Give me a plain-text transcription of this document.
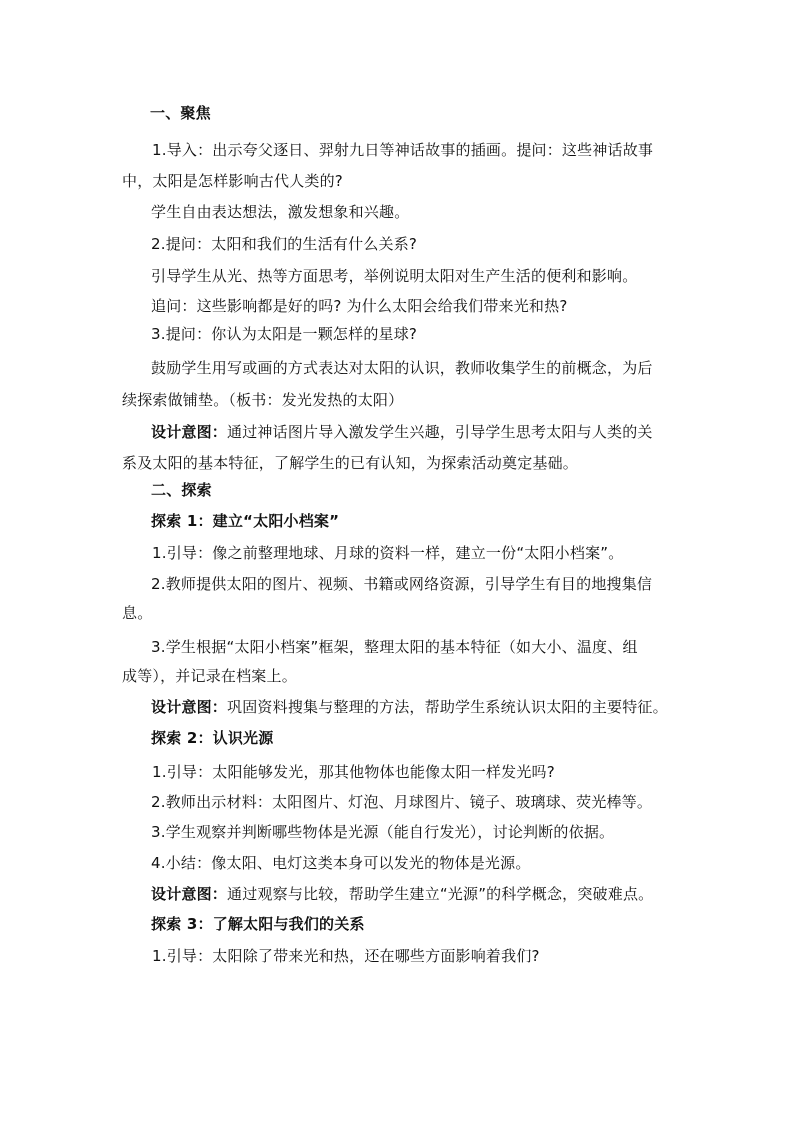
一、聚焦
1.导入：出示夸父逐日、羿射九日等神话故事的插画。提问：这些神话故事
中，太阳是怎样影响古代人类的?
学生自由表达想法，激发想象和兴趣。
2.提问：太阳和我们的生活有什么关系?
引导学生从光、热等方面思考，举例说明太阳对生产生活的便利和影响。
追问：这些影响都是好的吗? 为什么太阳会给我们带来光和热?
3.提问：你认为太阳是一颗怎样的星球?
鼓励学生用写或画的方式表达对太阳的认识，教师收集学生的前概念，为后
续探索做铺垫。（板书：发光发热的太阳）
设计意图：通过神话图片导入激发学生兴趣，引导学生思考太阳与人类的关
系及太阳的基本特征，了解学生的已有认知，为探索活动奠定基础。
二、探索
探索 1：建立“太阳小档案”
1.引导：像之前整理地球、月球的资料一样，建立一份“太阳小档案”。
2.教师提供太阳的图片、视频、书籍或网络资源，引导学生有目的地搜集信
息。
3.学生根据“太阳小档案”框架，整理太阳的基本特征（如大小、温度、组
成等），并记录在档案上。
设计意图：巩固资料搜集与整理的方法，帮助学生系统认识太阳的主要特征。
探索 2：认识光源
1.引导：太阳能够发光，那其他物体也能像太阳一样发光吗?
2.教师出示材料：太阳图片、灯泡、月球图片、镜子、玻璃球、荧光棒等。
3.学生观察并判断哪些物体是光源（能自行发光），讨论判断的依据。
4.小结：像太阳、电灯这类本身可以发光的物体是光源。
设计意图：通过观察与比较，帮助学生建立“光源”的科学概念，突破难点。
探索 3：了解太阳与我们的关系
1.引导：太阳除了带来光和热，还在哪些方面影响着我们?
